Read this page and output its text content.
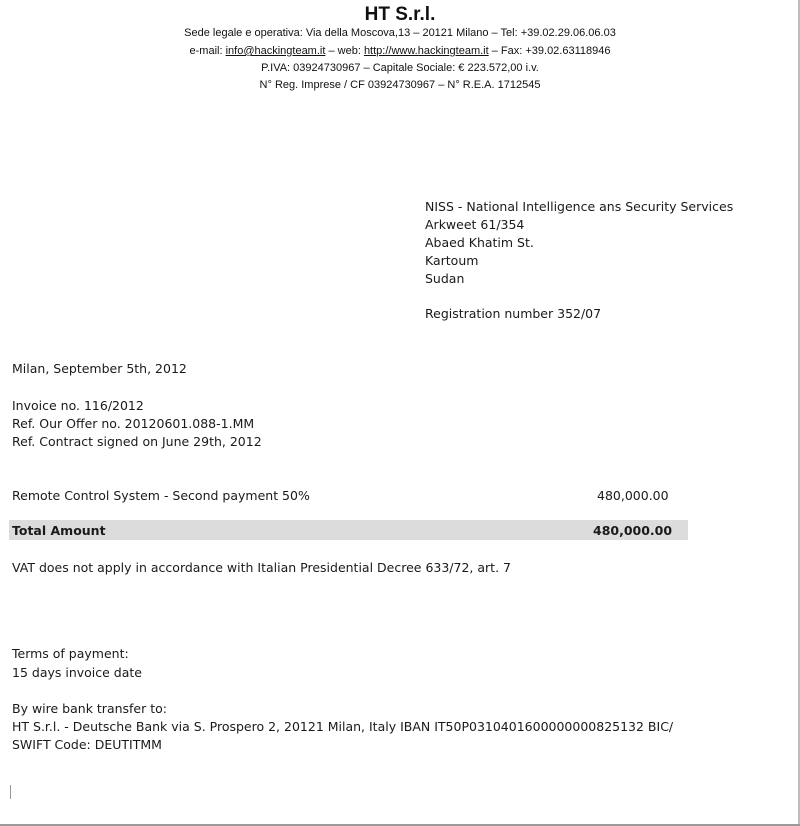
HT S.r.l.
Sede legale e operativa: Via della Moscova,13 – 20121 Milano – Tel: +39.02.29.06.06.03
e-mail: info@hackingteam.it – web: http://www.hackingteam.it – Fax: +39.02.63118946
P.IVA: 03924730967 – Capitale Sociale: € 223.572,00 i.v.
N° Reg. Imprese / CF 03924730967 – N° R.E.A. 1712545
NISS - National Intelligence ans Security Services
Arkweet 61/354
Abaed Khatim St.
Kartoum
Sudan
Registration number 352/07
Milan, September 5th, 2012
Invoice no. 116/2012
Ref. Our Offer no. 20120601.088-1.MM
Ref. Contract signed on June 29th, 2012
Remote Control System - Second payment 50%	480,000.00
Total Amount	480,000.00
VAT does not apply in accordance with Italian Presidential Decree 633/72, art. 7
Terms of payment:
15 days invoice date
By wire bank transfer to:
HT S.r.l. - Deutsche Bank via S. Prospero 2, 20121 Milan, Italy IBAN IT50P0310401600000000825132 BIC/
SWIFT Code: DEUTITMM
